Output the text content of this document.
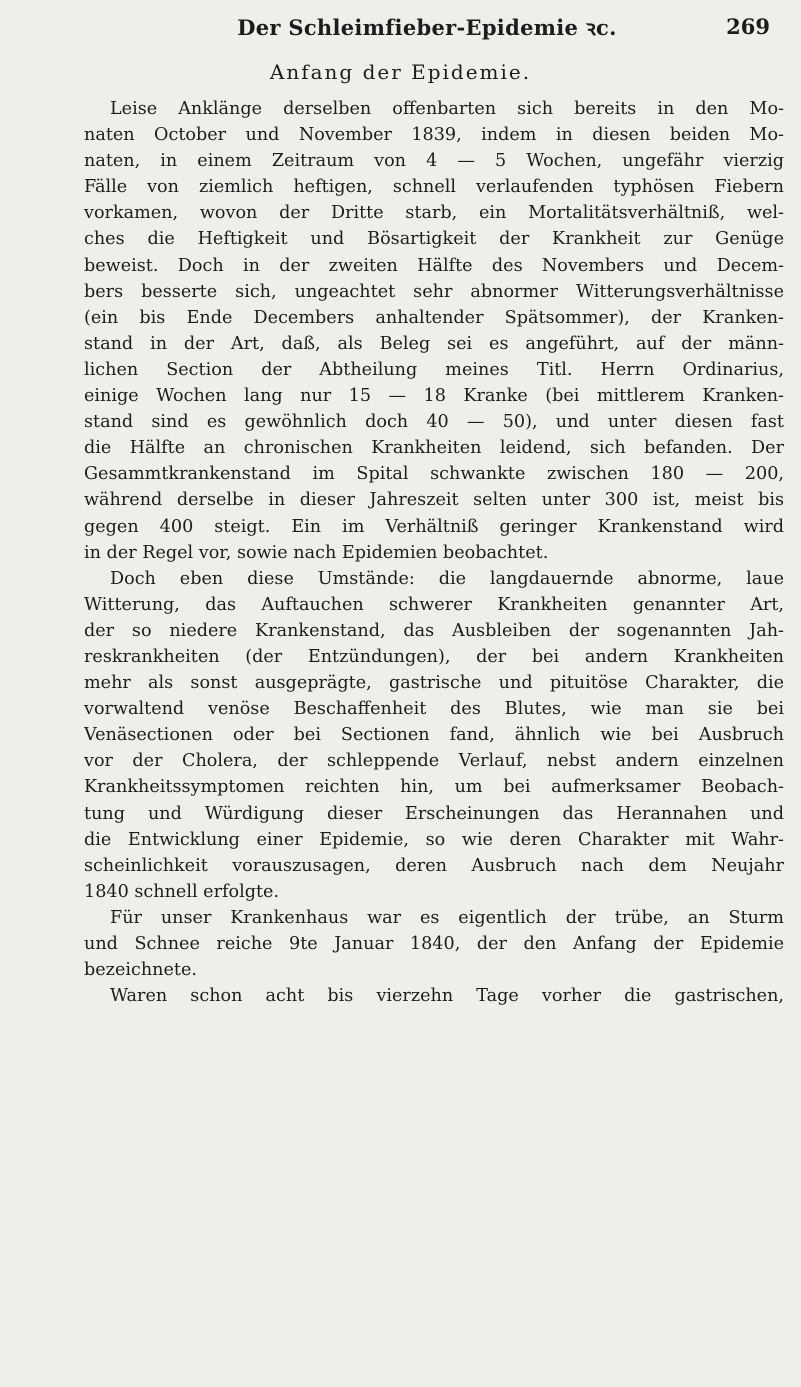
Der Schleimfieber-Epidemie ꝛc.	269
Anfang der Epidemie.
Leise Anklänge derselben offenbarten sich bereits in den Mo-
naten October und November 1839, indem in diesen beiden Mo-
naten, in einem Zeitraum von 4 — 5 Wochen, ungefähr vierzig
Fälle von ziemlich heftigen, schnell verlaufenden typhösen Fiebern
vorkamen, wovon der Dritte starb, ein Mortalitätsverhältniß, wel-
ches die Heftigkeit und Bösartigkeit der Krankheit zur Genüge
beweist. Doch in der zweiten Hälfte des Novembers und Decem-
bers besserte sich, ungeachtet sehr abnormer Witterungsverhältnisse
(ein bis Ende Decembers anhaltender Spätsommer), der Kranken-
stand in der Art, daß, als Beleg sei es angeführt, auf der männ-
lichen Section der Abtheilung meines Titl. Herrn Ordinarius,
einige Wochen lang nur 15 — 18 Kranke (bei mittlerem Kranken-
stand sind es gewöhnlich doch 40 — 50), und unter diesen fast
die Hälfte an chronischen Krankheiten leidend, sich befanden. Der
Gesammtkrankenstand im Spital schwankte zwischen 180 — 200,
während derselbe in dieser Jahreszeit selten unter 300 ist, meist bis
gegen 400 steigt. Ein im Verhältniß geringer Krankenstand wird
in der Regel vor, sowie nach Epidemien beobachtet.
Doch eben diese Umstände: die langdauernde abnorme, laue
Witterung, das Auftauchen schwerer Krankheiten genannter Art,
der so niedere Krankenstand, das Ausbleiben der sogenannten Jah-
reskrankheiten (der Entzündungen), der bei andern Krankheiten
mehr als sonst ausgeprägte, gastrische und pituitöse Charakter, die
vorwaltend venöse Beschaffenheit des Blutes, wie man sie bei
Venäsectionen oder bei Sectionen fand, ähnlich wie bei Ausbruch
vor der Cholera, der schleppende Verlauf, nebst andern einzelnen
Krankheitssymptomen reichten hin, um bei aufmerksamer Beobach-
tung und Würdigung dieser Erscheinungen das Herannahen und
die Entwicklung einer Epidemie, so wie deren Charakter mit Wahr-
scheinlichkeit vorauszusagen, deren Ausbruch nach dem Neujahr
1840 schnell erfolgte.
Für unser Krankenhaus war es eigentlich der trübe, an Sturm
und Schnee reiche 9te Januar 1840, der den Anfang der Epidemie
bezeichnete.
Waren schon acht bis vierzehn Tage vorher die gastrischen,
